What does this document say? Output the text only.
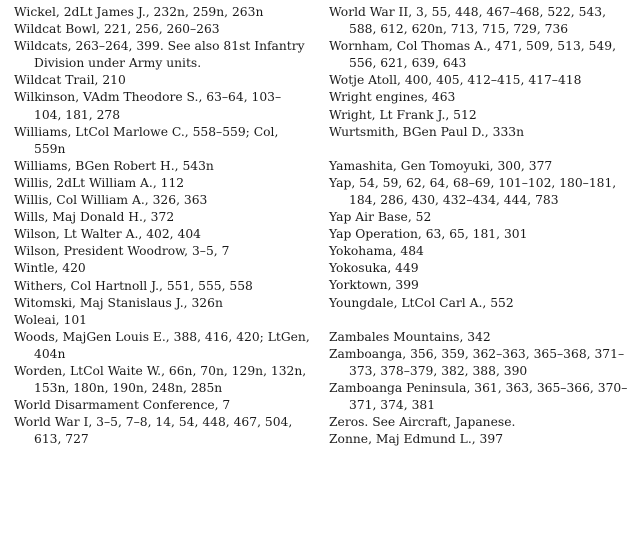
Wickel, 2dLt James J., 232n, 259n, 263n

Wildcat Bowl, 221, 256, 260–263

Wildcats, 263–264, 399. See also 81st Infantry
Division under Army units.

Wildcat Trail, 210

Wilkinson, VAdm Theodore S., 63–64, 103–
104, 181, 278

Williams, LtCol Marlowe C., 558–559; Col,
559n

Williams, BGen Robert H., 543n

Willis, 2dLt William A., 112

Willis, Col William A., 326, 363

Wills, Maj Donald H., 372

Wilson, Lt Walter A., 402, 404

Wilson, President Woodrow, 3–5, 7

Wintle, 420

Withers, Col Hartnoll J., 551, 555, 558

Witomski, Maj Stanislaus J., 326n

Woleai, 101

Woods, MajGen Louis E., 388, 416, 420; LtGen,
404n

Worden, LtCol Waite W., 66n, 70n, 129n, 132n,
153n, 180n, 190n, 248n, 285n

World Disarmament Conference, 7

World War I, 3–5, 7–8, 14, 54, 448, 467, 504,
613, 727

World War II, 3, 55, 448, 467–468, 522, 543,
588, 612, 620n, 713, 715, 729, 736

Wornham, Col Thomas A., 471, 509, 513, 549,
556, 621, 639, 643

Wotje Atoll, 400, 405, 412–415, 417–418

Wright engines, 463

Wright, Lt Frank J., 512

Wurtsmith, BGen Paul D., 333n

Yamashita, Gen Tomoyuki, 300, 377

Yap, 54, 59, 62, 64, 68–69, 101–102, 180–181,
184, 286, 430, 432–434, 444, 783

Yap Air Base, 52

Yap Operation, 63, 65, 181, 301

Yokohama, 484

Yokosuka, 449

Yorktown, 399

Youngdale, LtCol Carl A., 552

Zambales Mountains, 342

Zamboanga, 356, 359, 362–363, 365–368, 371–
373, 378–379, 382, 388, 390

Zamboanga Peninsula, 361, 363, 365–366, 370–
371, 374, 381

Zeros. See Aircraft, Japanese.

Zonne, Maj Edmund L., 397
